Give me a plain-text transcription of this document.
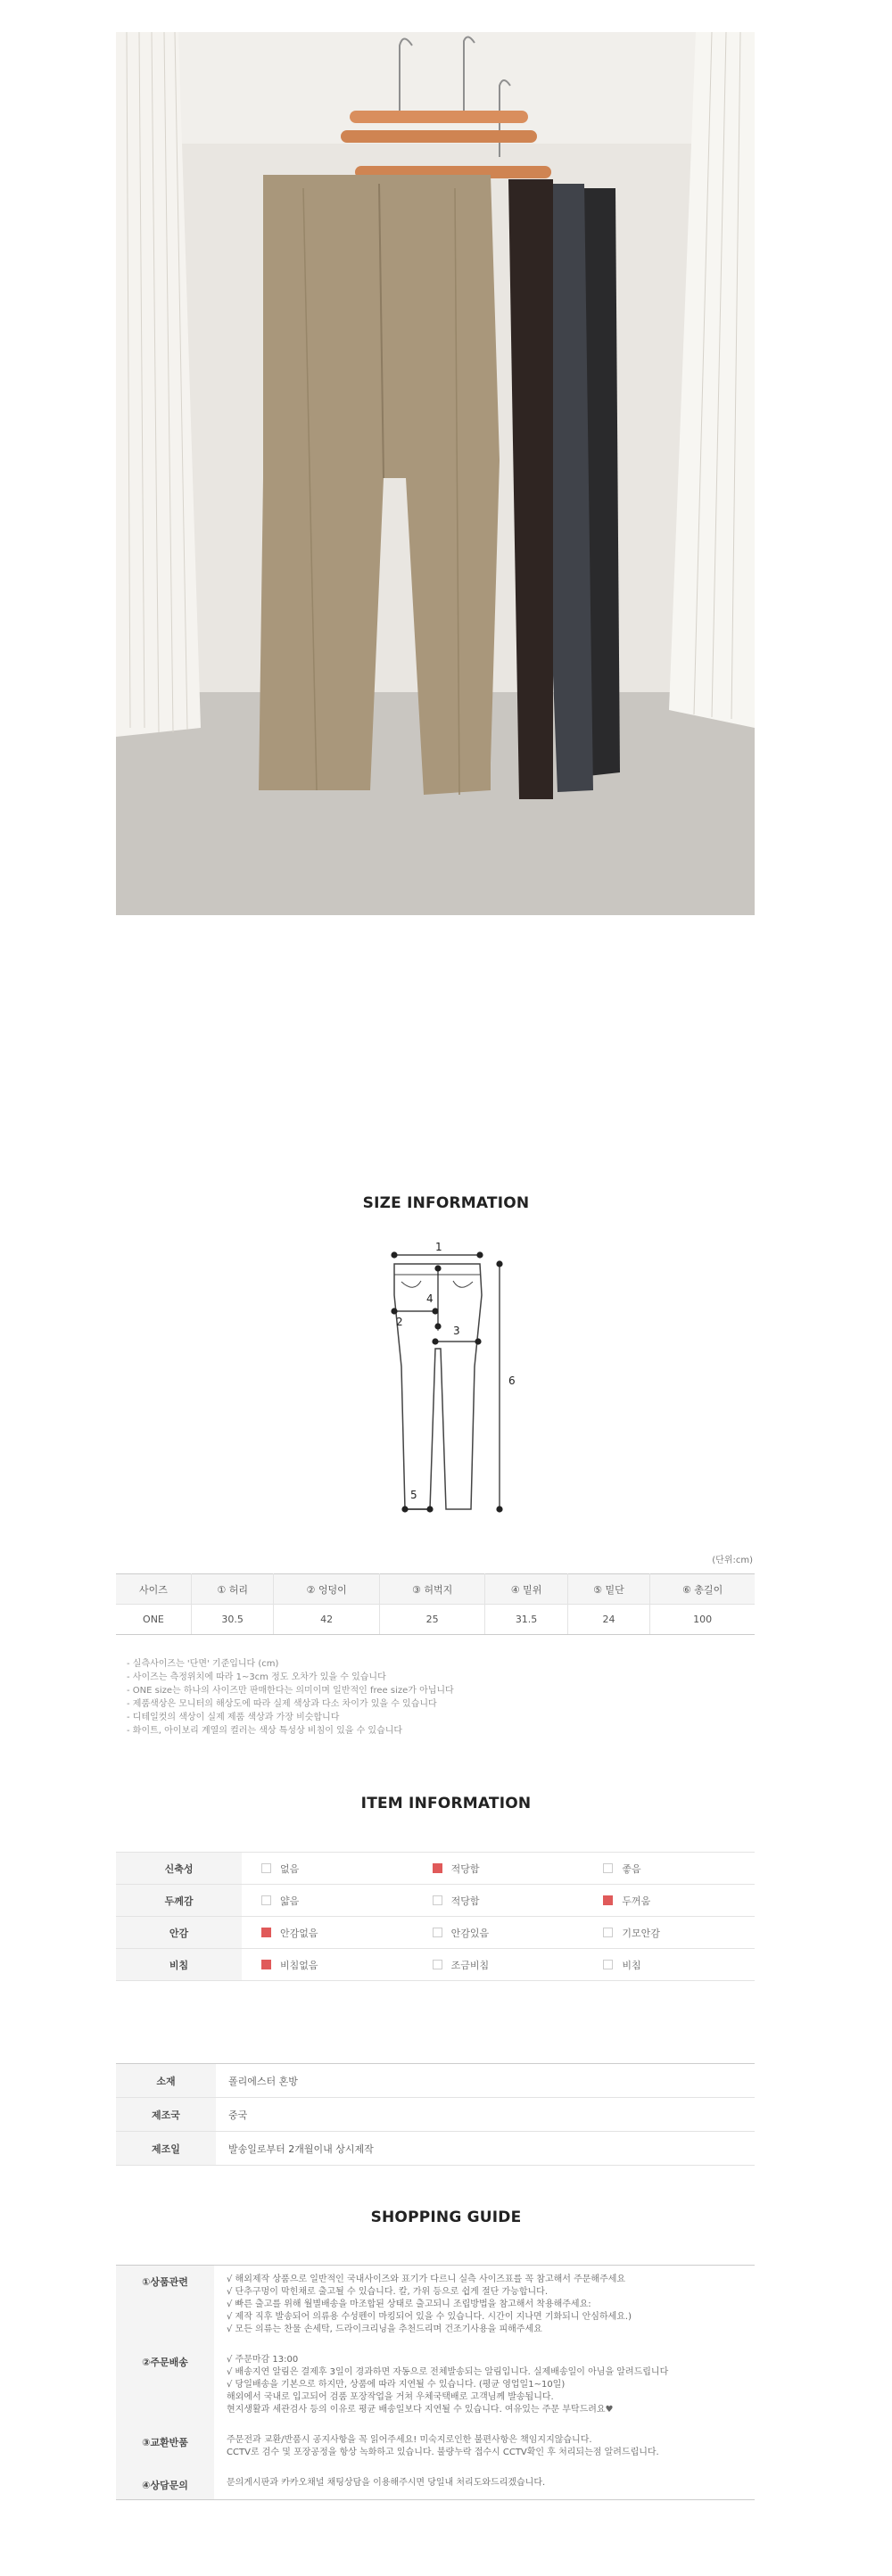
SIZE INFORMATION
1
2
3
4
5
6
(단위:cm)
사이즈	① 허리	② 엉덩이	③ 허벅지	④ 밑위	⑤ 밑단	⑥ 총길이
ONE	30.5	42	25	31.5	24	100
- 실측사이즈는 '단면' 기준입니다 (cm)
- 사이즈는 측정위치에 따라 1~3cm 정도 오차가 있을 수 있습니다
- ONE size는 하나의 사이즈만 판매한다는 의미이며 일반적인 free size가 아닙니다
- 제품색상은 모니터의 해상도에 따라 실제 색상과 다소 차이가 있을 수 있습니다
- 디테일컷의 색상이 실제 제품 색상과 가장 비슷합니다
- 화이트, 아이보리 계열의 컬러는 색상 특성상 비침이 있을 수 있습니다
ITEM INFORMATION
신축성	없음	적당함	좋음
두께감	얇음	적당함	두꺼움
안감	안감없음	안감있음	기모안감
비침	비침없음	조금비침	비침
소재	폴리에스터 혼방
제조국	중국
제조일	발송일로부터 2개월이내 상시제작
SHOPPING GUIDE
①상품관련	√ 해외제작 상품으로 일반적인 국내사이즈와 표기가 다르니 실측 사이즈표를 꼭 참고해서 주문해주세요
√ 단추구멍이 막힌채로 출고될 수 있습니다. 칼, 가위 등으로 쉽게 절단 가능합니다.
√ 빠른 출고를 위해 월별배송을 마조합된 상태로 출고되니 조립방법을 참고해서 착용해주세요:
√ 제작 직후 발송되어 의류용 수성펜이 마킹되어 있을 수 있습니다. 시간이 지나면 기화되니 안심하세요.)
√ 모든 의류는 찬물 손세탁, 드라이크리닝을 추천드리며 건조기사용을 피해주세요
②주문배송	√ 주문마감 13:00
√ 배송지연 알림은 결제후 3일이 경과하면 자동으로 전체발송되는 알림입니다. 실제배송일이 아님을 알려드립니다
√ 당일배송을 기본으로 하지만, 상품에 따라 지연될 수 있습니다. (평균 영업일1~10일)
해외에서 국내로 입고되어 검품 포장작업을 거쳐 우체국택배로 고객님께 발송됩니다.
현지생활과 세관검사 등의 이유로 평균 배송일보다 지연될 수 있습니다. 여유있는 주문 부탁드려요♥
③교환반품	주문전과 교환/반품시 공지사항을 꼭 읽어주세요! 미숙지로인한 불편사항은 책임지지않습니다.
CCTV로 검수 및 포장공정을 항상 녹화하고 있습니다. 불량누락 접수시 CCTV확인 후 처리되는점 알려드립니다.
④상담문의	문의게시판과 카카오채널 채팅상담을 이용해주시면 당일내 처리도와드리겠습니다.
